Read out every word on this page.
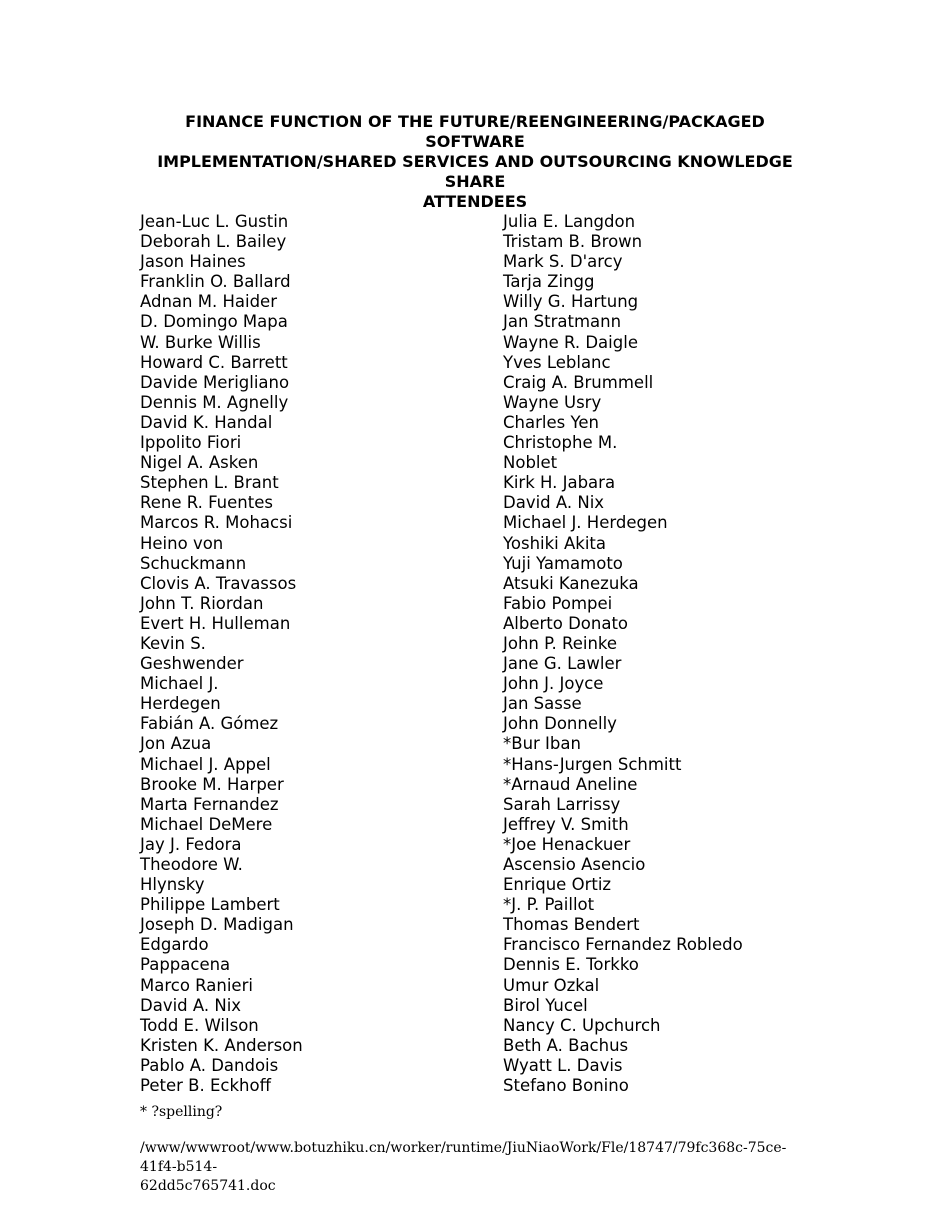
FINANCE FUNCTION OF THE FUTURE/REENGINEERING/PACKAGED SOFTWARE
IMPLEMENTATION/SHARED SERVICES AND OUTSOURCING KNOWLEDGE
SHARE
ATTENDEES
Jean-Luc L. Gustin
Deborah L. Bailey
Jason Haines
Franklin O. Ballard
Adnan M. Haider
D. Domingo Mapa
W. Burke Willis
Howard C. Barrett
Davide Merigliano
Dennis M. Agnelly
David K. Handal
Ippolito Fiori
Nigel A. Asken
Stephen L. Brant
Rene R. Fuentes
Marcos R. Mohacsi
Heino von
Schuckmann
Clovis A. Travassos
John T. Riordan
Evert H. Hulleman
Kevin S.
Geshwender
Michael J.
Herdegen
Fabián A. Gómez
Jon Azua
Michael J. Appel
Brooke M. Harper
Marta Fernandez
Michael DeMere
Jay J. Fedora
Theodore W.
Hlynsky
Philippe Lambert
Joseph D. Madigan
Edgardo
Pappacena
Marco Ranieri
David A. Nix
Todd E. Wilson
Kristen K. Anderson
Pablo A. Dandois
Peter B. Eckhoff
Julia E. Langdon
Tristam B. Brown
Mark S. D'arcy
Tarja Zingg
Willy G. Hartung
Jan Stratmann
Wayne R. Daigle
Yves Leblanc
Craig A. Brummell
Wayne Usry
Charles Yen
Christophe M.
Noblet
Kirk H. Jabara
David A. Nix
Michael J. Herdegen
Yoshiki Akita
Yuji Yamamoto
Atsuki Kanezuka
Fabio Pompei
Alberto Donato
John P. Reinke
Jane G. Lawler
John J. Joyce
Jan Sasse
John Donnelly
*Bur Iban
*Hans-Jurgen Schmitt
*Arnaud Aneline
Sarah Larrissy
Jeffrey V. Smith
*Joe Henackuer
Ascensio Asencio
Enrique Ortiz
*J. P. Paillot
Thomas Bendert
Francisco Fernandez Robledo
Dennis E. Torkko
Umur Ozkal
Birol Yucel
Nancy C. Upchurch
Beth A. Bachus
Wyatt L. Davis
Stefano Bonino

* ?spelling?

/www/wwwroot/www.botuzhiku.cn/worker/runtime/JiuNiaoWork/Fle/18747/79fc368c-75ce-41f4-b514-
62dd5c765741.doc
